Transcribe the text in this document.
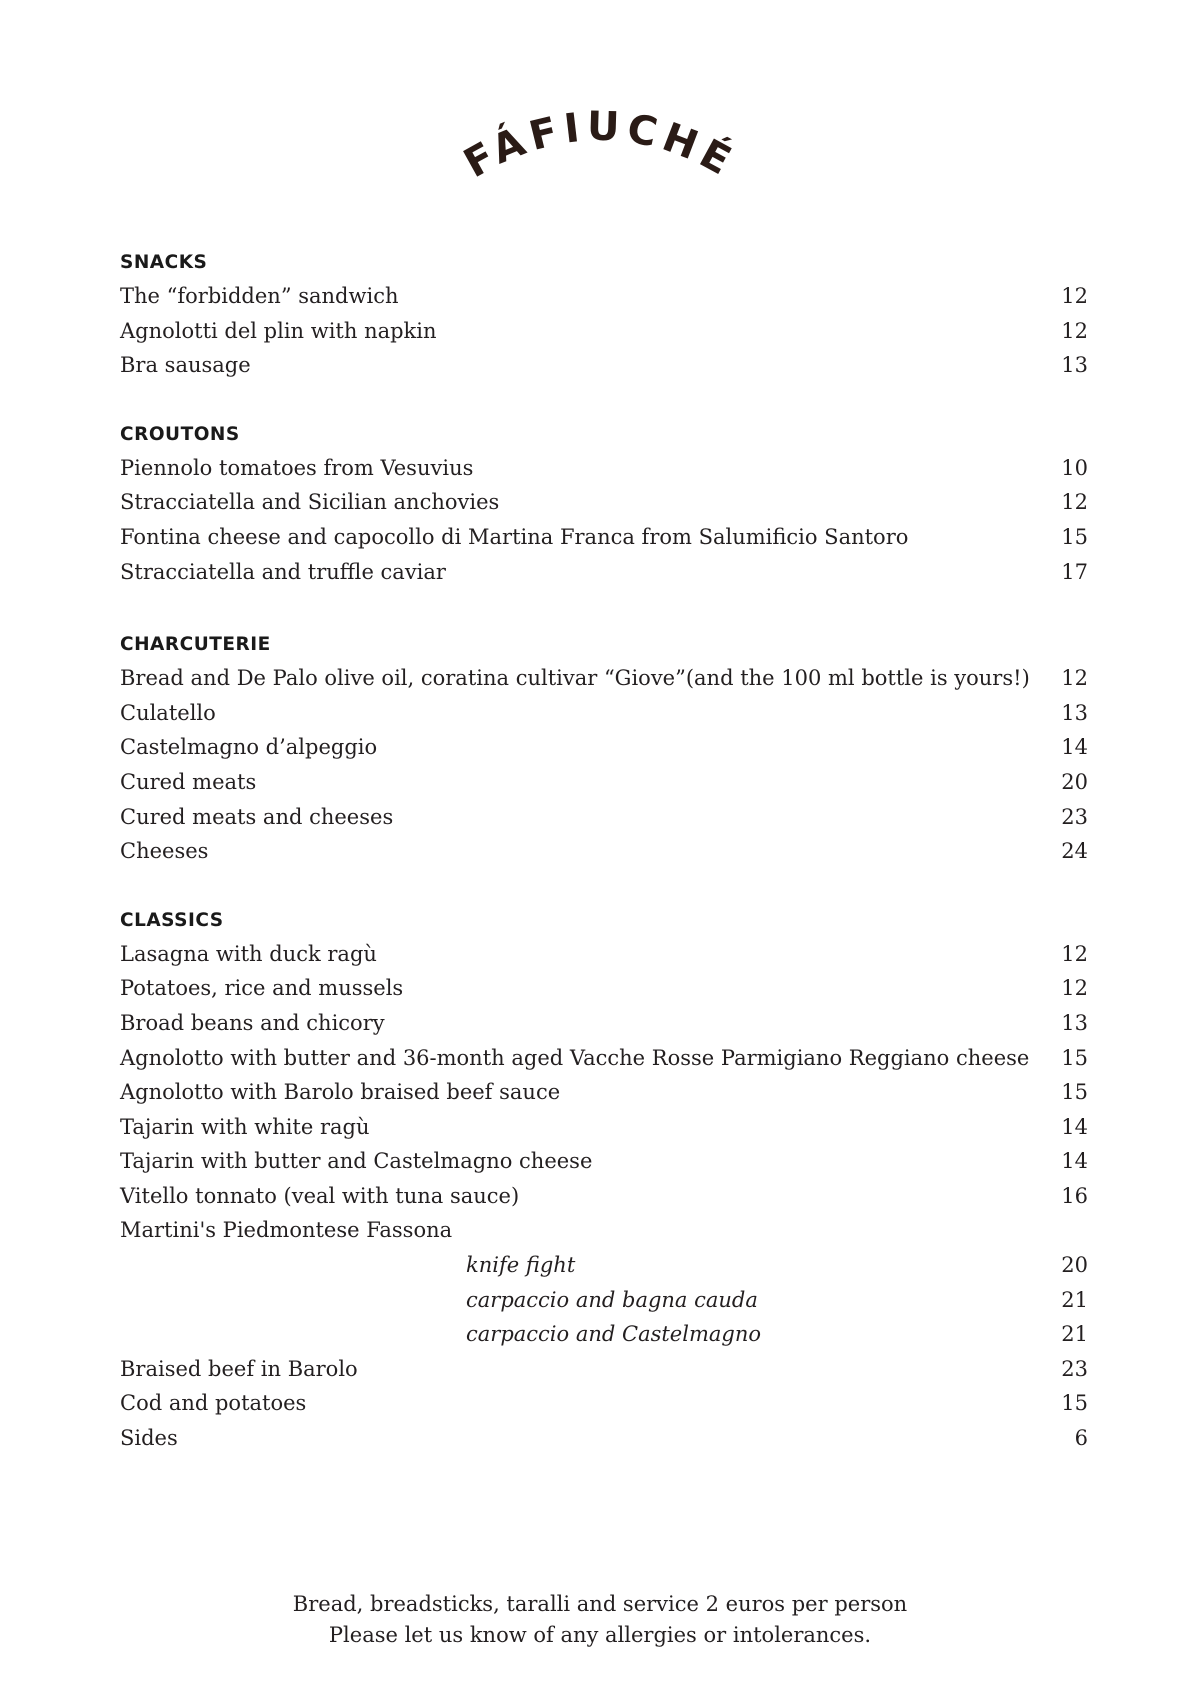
FÁFIUCHÉ
SNACKS
The “forbidden” sandwich	12
Agnolotti del plin with napkin	12
Bra sausage	13
CROUTONS
Piennolo tomatoes from Vesuvius	10
Stracciatella and Sicilian anchovies	12
Fontina cheese and capocollo di Martina Franca from Salumificio Santoro	15
Stracciatella and truffle caviar	17
CHARCUTERIE
Bread and De Palo olive oil, coratina cultivar “Giove”(and the 100 ml bottle is yours!) 12
Culatello	13
Castelmagno d’alpeggio	14
Cured meats	20
Cured meats and cheeses	23
Cheeses	24
CLASSICS
Lasagna with duck ragù	12
Potatoes, rice and mussels	12
Broad beans and chicory	13
Agnolotto with butter and 36-month aged Vacche Rosse Parmigiano Reggiano cheese 15
Agnolotto with Barolo braised beef sauce	15
Tajarin with white ragù	14
Tajarin with butter and Castelmagno cheese	14
Vitello tonnato (veal with tuna sauce)	16
Martini's Piedmontese Fassona
knife fight	20
carpaccio and bagna cauda	21
carpaccio and Castelmagno	21
Braised beef in Barolo	23
Cod and potatoes	15
Sides	6
Bread, breadsticks, taralli and service 2 euros per person
Please let us know of any allergies or intolerances.
